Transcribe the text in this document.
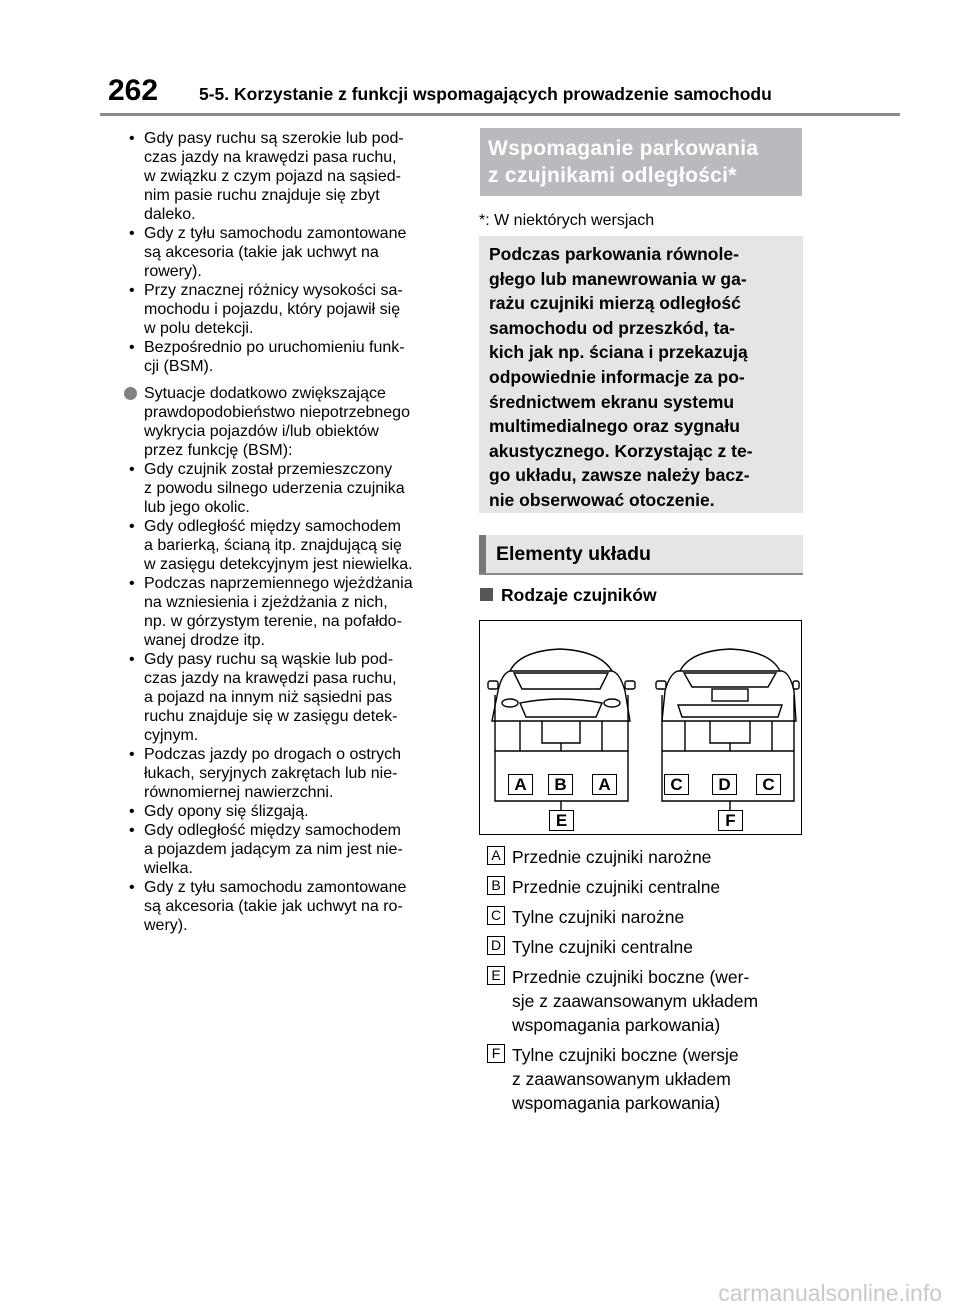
262 5-5. Korzystanie z funkcji wspomagających prowadzenie samochodu
• Gdy pasy ruchu są szerokie lub pod-
czas jazdy na krawędzi pasa ruchu,
w związku z czym pojazd na sąsied-
nim pasie ruchu znajduje się zbyt
daleko.
• Gdy z tyłu samochodu zamontowane
są akcesoria (takie jak uchwyt na
rowery).
• Przy znacznej różnicy wysokości sa-
mochodu i pojazdu, który pojawił się
w polu detekcji.
• Bezpośrednio po uruchomieniu funk-
cji (BSM).
Sytuacje dodatkowo zwiększające
prawdopodobieństwo niepotrzebnego
wykrycia pojazdów i/lub obiektów
przez funkcję (BSM):
• Gdy czujnik został przemieszczony
z powodu silnego uderzenia czujnika
lub jego okolic.
• Gdy odległość między samochodem
a barierką, ścianą itp. znajdującą się
w zasięgu detekcyjnym jest niewielka.
• Podczas naprzemiennego wjeżdżania
na wzniesienia i zjeżdżania z nich,
np. w górzystym terenie, na pofałdo-
wanej drodze itp.
• Gdy pasy ruchu są wąskie lub pod-
czas jazdy na krawędzi pasa ruchu,
a pojazd na innym niż sąsiedni pas
ruchu znajduje się w zasięgu detek-
cyjnym.
• Podczas jazdy po drogach o ostrych
łukach, seryjnych zakrętach lub nie-
równomiernej nawierzchni.
• Gdy opony się ślizgają.
• Gdy odległość między samochodem
a pojazdem jadącym za nim jest nie-
wielka.
• Gdy z tyłu samochodu zamontowane
są akcesoria (takie jak uchwyt na ro-
wery).
Wspomaganie parkowania
z czujnikami odległości*
*: W niektórych wersjach
Podczas parkowania równole-
głego lub manewrowania w ga-
rażu czujniki mierzą odległość
samochodu od przeszkód, ta-
kich jak np. ściana i przekazują
odpowiednie informacje za po-
średnictwem ekranu systemu
multimedialnego oraz sygnału
akustycznego. Korzystając z te-
go układu, zawsze należy bacz-
nie obserwować otoczenie.
Elementy układu
Rodzaje czujników
A	B	A	C	D	C
E	F
A Przednie czujniki narożne
B Przednie czujniki centralne
C Tylne czujniki narożne
D Tylne czujniki centralne
E Przednie czujniki boczne (wer-
sje z zaawansowanym układem
wspomagania parkowania)
F Tylne czujniki boczne (wersje
z zaawansowanym układem
wspomagania parkowania)
carmanualsonline.info
